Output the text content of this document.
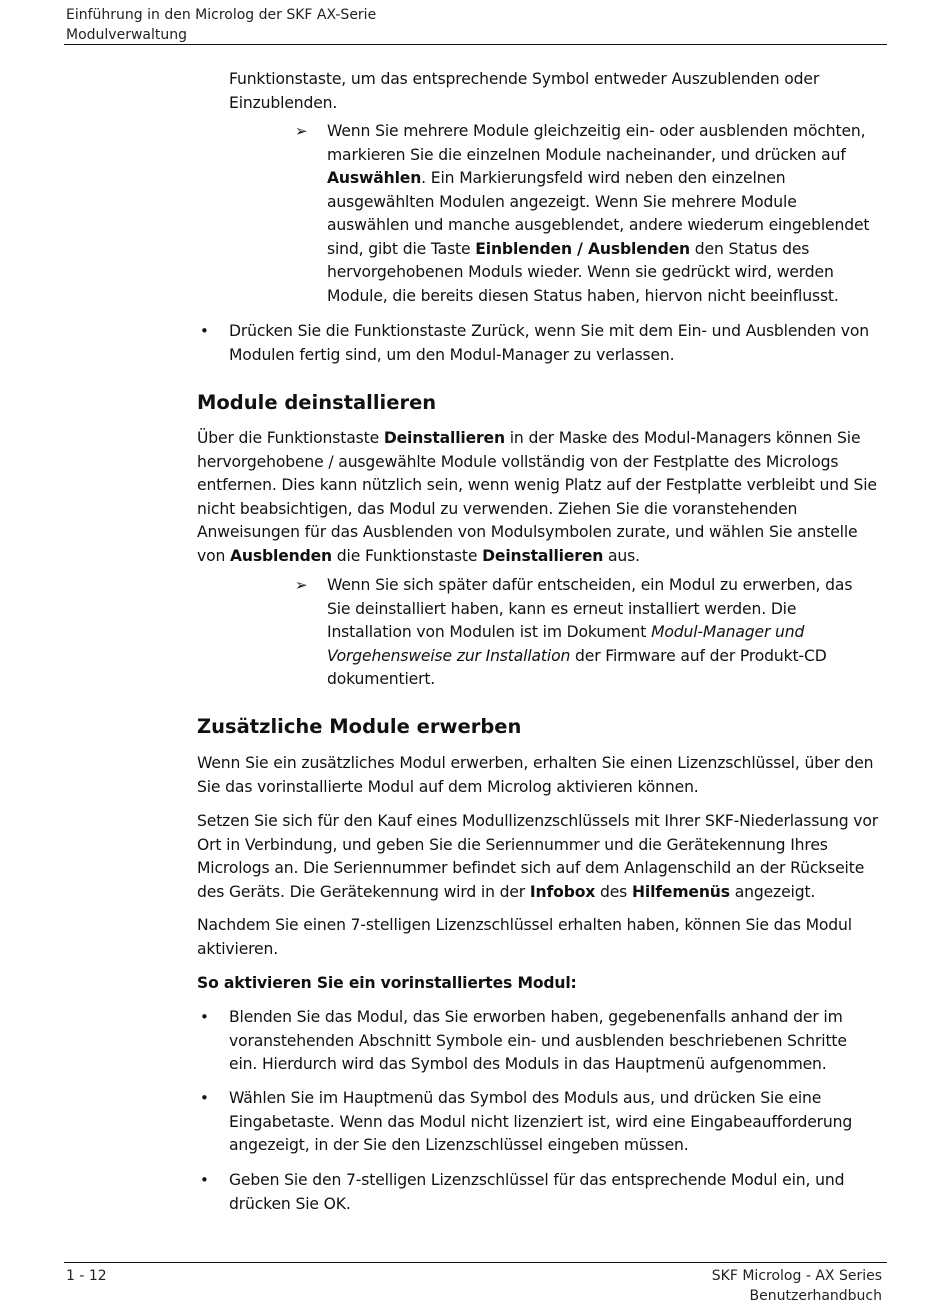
Einführung in den Microlog der SKF AX-Serie
Modulverwaltung

Funktionstaste, um das entsprechende Symbol entweder Auszublenden oder Einzublenden.

➢ Wenn Sie mehrere Module gleichzeitig ein- oder ausblenden möchten, markieren Sie die einzelnen Module nacheinander, und drücken auf Auswählen. Ein Markierungsfeld wird neben den einzelnen ausgewählten Modulen angezeigt. Wenn Sie mehrere Module auswählen und manche ausgeblendet, andere wiederum eingeblendet sind, gibt die Taste Einblenden / Ausblenden den Status des hervorgehobenen Moduls wieder. Wenn sie gedrückt wird, werden Module, die bereits diesen Status haben, hiervon nicht beeinflusst.

• Drücken Sie die Funktionstaste Zurück, wenn Sie mit dem Ein- und Ausblenden von Modulen fertig sind, um den Modul-Manager zu verlassen.

Module deinstallieren

Über die Funktionstaste Deinstallieren in der Maske des Modul-Managers können Sie hervorgehobene / ausgewählte Module vollständig von der Festplatte des Micrologs entfernen. Dies kann nützlich sein, wenn wenig Platz auf der Festplatte verbleibt und Sie nicht beabsichtigen, das Modul zu verwenden. Ziehen Sie die voranstehenden Anweisungen für das Ausblenden von Modulsymbolen zurate, und wählen Sie anstelle von Ausblenden die Funktionstaste Deinstallieren aus.

➢ Wenn Sie sich später dafür entscheiden, ein Modul zu erwerben, das Sie deinstalliert haben, kann es erneut installiert werden. Die Installation von Modulen ist im Dokument Modul-Manager und Vorgehensweise zur Installation der Firmware auf der Produkt-CD dokumentiert.

Zusätzliche Module erwerben

Wenn Sie ein zusätzliches Modul erwerben, erhalten Sie einen Lizenzschlüssel, über den Sie das vorinstallierte Modul auf dem Microlog aktivieren können.

Setzen Sie sich für den Kauf eines Modullizenzschlüssels mit Ihrer SKF-Niederlassung vor Ort in Verbindung, und geben Sie die Seriennummer und die Gerätekennung Ihres Micrologs an. Die Seriennummer befindet sich auf dem Anlagenschild an der Rückseite des Geräts. Die Gerätekennung wird in der Infobox des Hilfemenüs angezeigt.

Nachdem Sie einen 7-stelligen Lizenzschlüssel erhalten haben, können Sie das Modul aktivieren.

So aktivieren Sie ein vorinstalliertes Modul:

• Blenden Sie das Modul, das Sie erworben haben, gegebenenfalls anhand der im voranstehenden Abschnitt Symbole ein- und ausblenden beschriebenen Schritte ein. Hierdurch wird das Symbol des Moduls in das Hauptmenü aufgenommen.

• Wählen Sie im Hauptmenü das Symbol des Moduls aus, und drücken Sie eine Eingabetaste. Wenn das Modul nicht lizenziert ist, wird eine Eingabeaufforderung angezeigt, in der Sie den Lizenzschlüssel eingeben müssen.

• Geben Sie den 7-stelligen Lizenzschlüssel für das entsprechende Modul ein, und drücken Sie OK.

1 - 12	SKF Microlog - AX Series
Benutzerhandbuch
